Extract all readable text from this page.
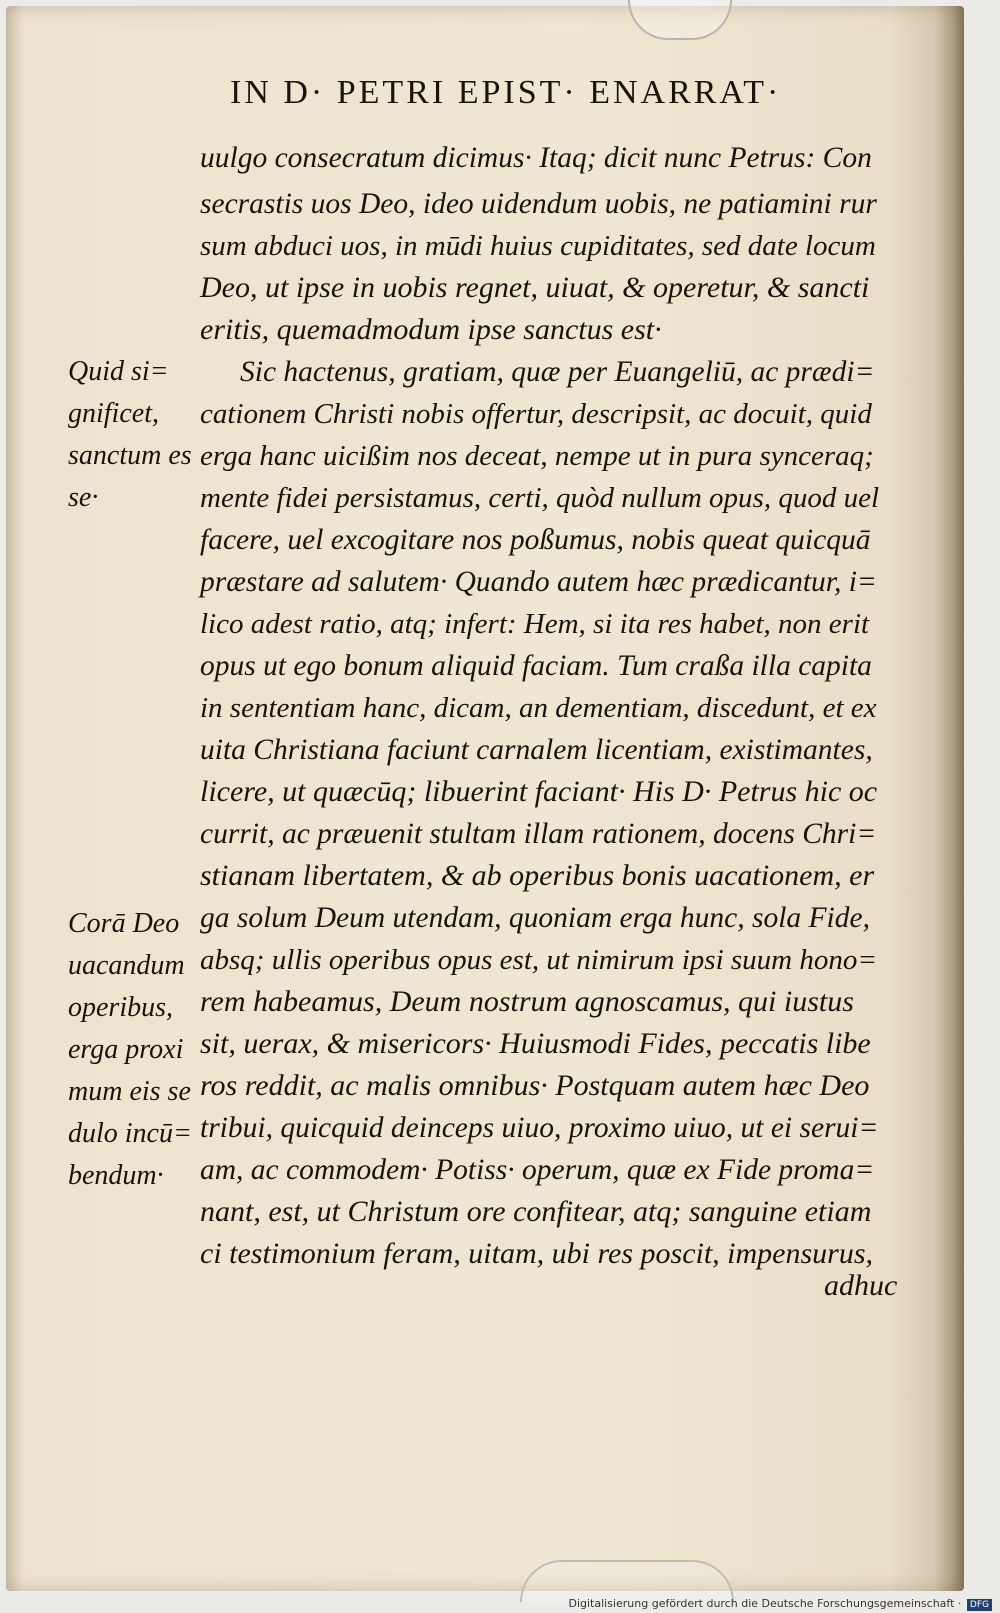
IN D· PETRI EPIST· ENARRAT·
uulgo consecratum dicimus· Itaq; dicit nunc Petrus: Con
secrastis uos Deo, ideo uidendum uobis, ne patiamini rur
sum abduci uos, in mūdi huius cupiditates, sed date locum
Deo, ut ipse in uobis regnet, uiuat, & operetur, & sancti
eritis, quemadmodum ipse sanctus est·
Sic hactenus, gratiam, quæ per Euangeliū, ac prædi=
cationem Christi nobis offertur, descripsit, ac docuit, quid
erga hanc uicißim nos deceat, nempe ut in pura synceraq;
mente fidei persistamus, certi, quòd nullum opus, quod uel
facere, uel excogitare nos poßumus, nobis queat quicquā
præstare ad salutem· Quando autem hæc prædicantur, i=
lico adest ratio, atq; infert: Hem, si ita res habet, non erit
opus ut ego bonum aliquid faciam. Tum craßa illa capita
in sententiam hanc, dicam, an dementiam, discedunt, et ex
uita Christiana faciunt carnalem licentiam, existimantes,
licere, ut quæcūq; libuerint faciant· His D· Petrus hic oc
currit, ac præuenit stultam illam rationem, docens Chri=
stianam libertatem, & ab operibus bonis uacationem, er
ga solum Deum utendam, quoniam erga hunc, sola Fide,
absq; ullis operibus opus est, ut nimirum ipsi suum hono=
rem habeamus, Deum nostrum agnoscamus, qui iustus
sit, uerax, & misericors· Huiusmodi Fides, peccatis libe
ros reddit, ac malis omnibus· Postquam autem hæc Deo
tribui, quicquid deinceps uiuo, proximo uiuo, ut ei serui=
am, ac commodem· Potiss· operum, quæ ex Fide proma=
nant, est, ut Christum ore confitear, atq; sanguine etiam
ci testimonium feram, uitam, ubi res poscit, impensurus,
Quid si=
gnificet,
sanctum es
se·
Corā Deo
uacandum
operibus,
erga proxi
mum eis se
dulo incū=
bendum·
adhuc
Digitalisierung gefördert durch die Deutsche Forschungsgemeinschaft · DFG
